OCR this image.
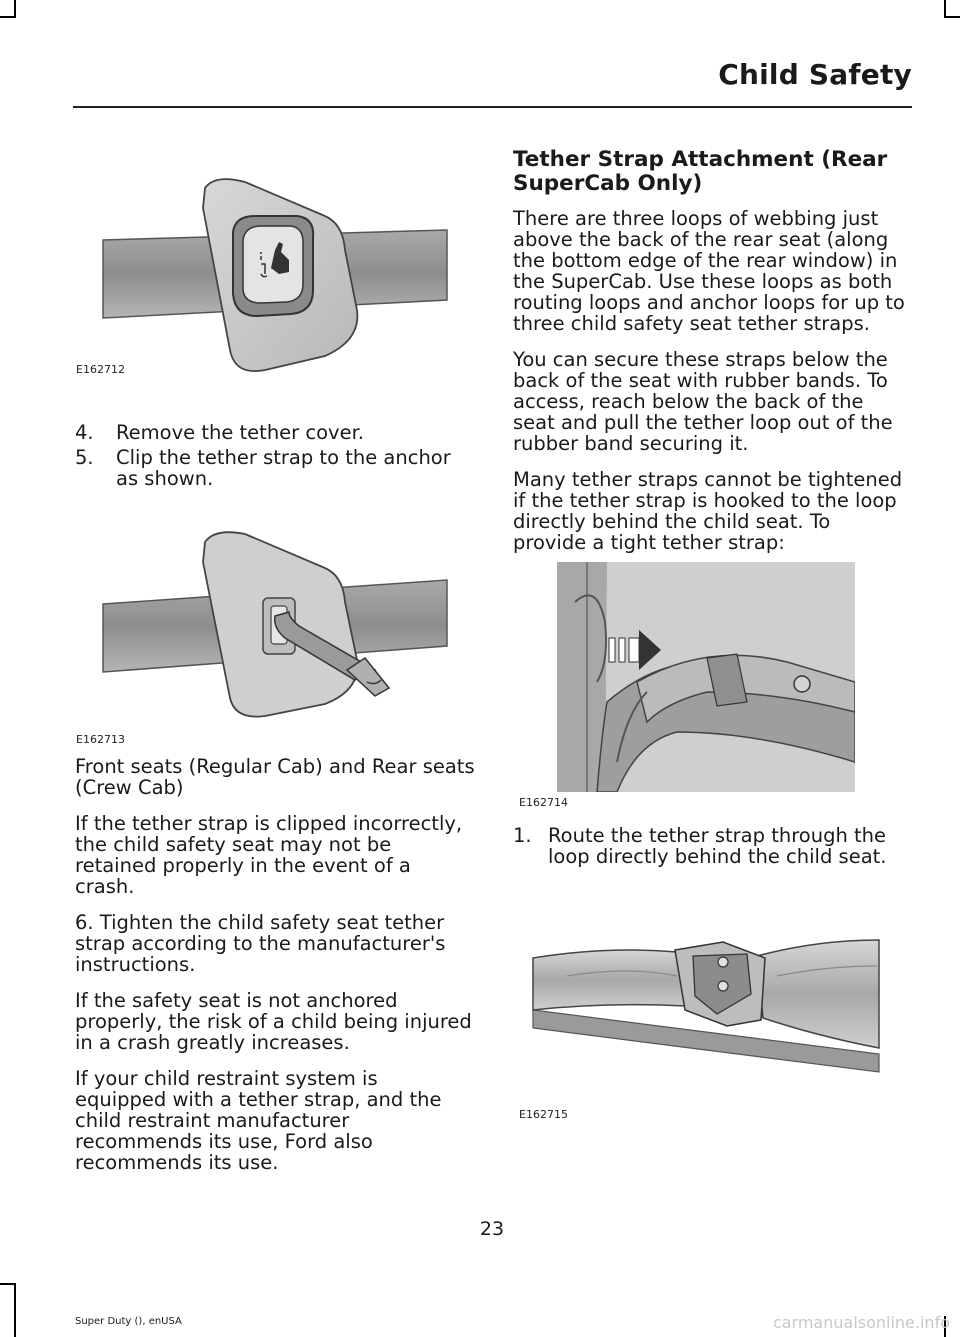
Child Safety
E162712
4. Remove the tether cover.
5. Clip the tether strap to the anchor as shown.
E162713

Front seats (Regular Cab) and Rear seats (Crew Cab)

If the tether strap is clipped incorrectly, the child safety seat may not be retained properly in the event of a crash.

6. Tighten the child safety seat tether strap according to the manufacturer's instructions.

If the safety seat is not anchored properly, the risk of a child being injured in a crash greatly increases.

If your child restraint system is equipped with a tether strap, and the child restraint manufacturer recommends its use, Ford also recommends its use.

Tether Strap Attachment (Rear SuperCab Only)

There are three loops of webbing just above the back of the rear seat (along the bottom edge of the rear window) in the SuperCab. Use these loops as both routing loops and anchor loops for up to three child safety seat tether straps.

You can secure these straps below the back of the seat with rubber bands. To access, reach below the back of the seat and pull the tether loop out of the rubber band securing it.

Many tether straps cannot be tightened if the tether strap is hooked to the loop directly behind the child seat. To provide a tight tether strap:

E162714
1. Route the tether strap through the loop directly behind the child seat.
E162715
23
Super Duty (), enUSA	carmanualsonline.info
